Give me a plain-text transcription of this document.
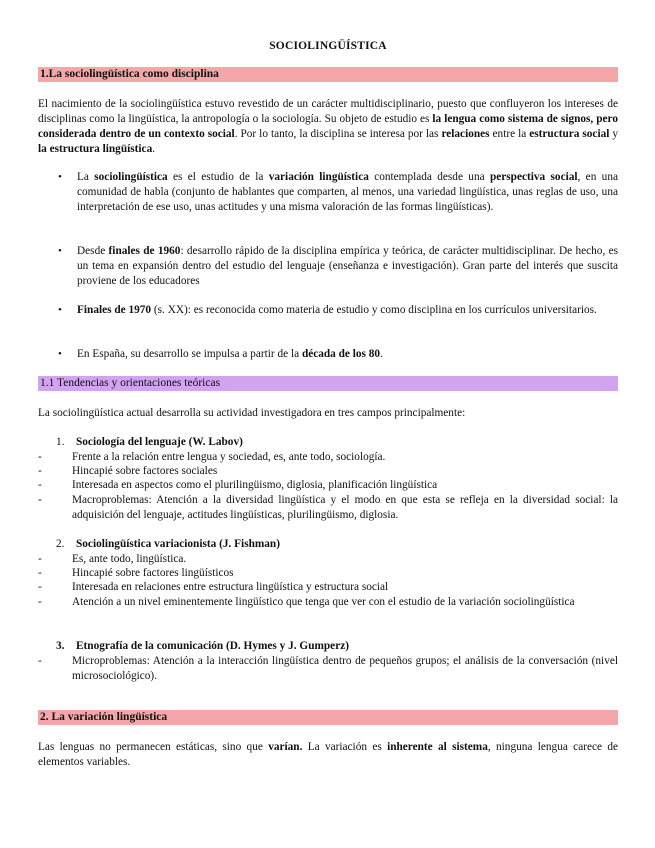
SOCIOLINGÜÍSTICA
1.La sociolingüística como disciplina
El nacimiento de la sociolingüística estuvo revestido de un carácter multidisciplinario, puesto que confluyeron los intereses de disciplinas como la lingüística, la antropología o la sociología. Su objeto de estudio es la lengua como sistema de signos, pero considerada dentro de un contexto social. Por lo tanto, la disciplina se interesa por las relaciones entre la estructura social y la estructura lingüística.
• La sociolingüística es el estudio de la variación lingüística contemplada desde una perspectiva social, en una comunidad de habla (conjunto de hablantes que comparten, al menos, una variedad lingüística, unas reglas de uso, una interpretación de ese uso, unas actitudes y una misma valoración de las formas lingüísticas).
• Desde finales de 1960: desarrollo rápido de la disciplina empírica y teórica, de carácter multidisciplinar. De hecho, es un tema en expansión dentro del estudio del lenguaje (enseñanza e investigación). Gran parte del interés que suscita proviene de los educadores
• Finales de 1970 (s. XX): es reconocida como materia de estudio y como disciplina en los currículos universitarios.
• En España, su desarrollo se impulsa a partir de la década de los 80.
1.1 Tendencias y orientaciones teóricas
La sociolingüística actual desarrolla su actividad investigadora en tres campos principalmente:
1. Sociología del lenguaje (W. Labov)
-	Frente a la relación entre lengua y sociedad, es, ante todo, sociología.
-	Hincapié sobre factores sociales
-	Interesada en aspectos como el plurilingüismo, diglosia, planificación lingüística
-	Macroproblemas: Atención a la diversidad lingüística y el modo en que esta se refleja en la diversidad social: la adquisición del lenguaje, actitudes lingüísticas, plurilingüismo, diglosia.
2. Sociolingüística variacionista (J. Fishman)
-	Es, ante todo, lingüística.
-	Hincapié sobre factores lingüísticos
-	Interesada en relaciones entre estructura lingüística y estructura social
-	Atención a un nivel eminentemente lingüístico que tenga que ver con el estudio de la variación sociolingüística
3. Etnografía de la comunicación (D. Hymes y J. Gumperz)
-	Microproblemas: Atención a la interacción lingüística dentro de pequeños grupos; el análisis de la conversación (nivel microsociológico).
2. La variación lingüística
Las lenguas no permanecen estáticas, sino que varían. La variación es inherente al sistema, ninguna lengua carece de elementos variables.
